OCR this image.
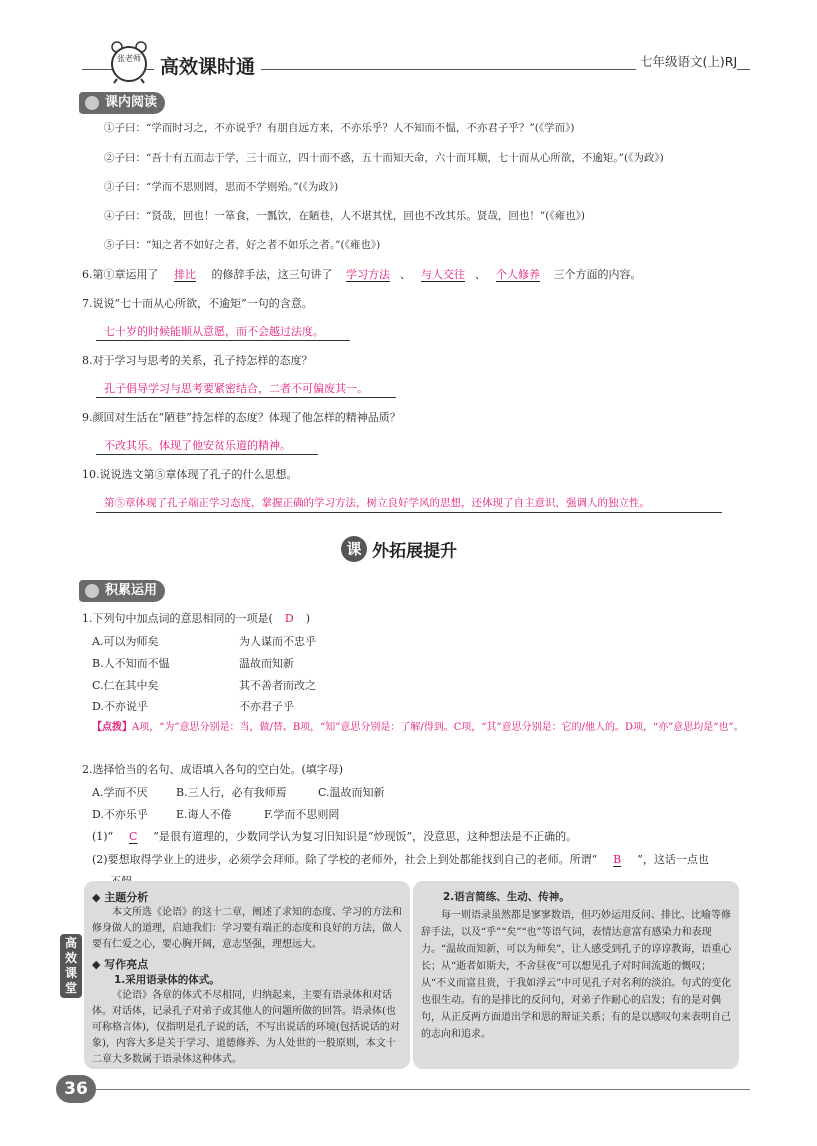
张老师	高效课时通	七年级语文(上)RJ
课内阅读
①子曰：“学而时习之，不亦说乎？有朋自远方来，不亦乐乎？人不知而不愠，不亦君子乎？”(《学而》)
②子曰：“吾十有五而志于学，三十而立，四十而不惑，五十而知天命，六十而耳顺，七十而从心所欲，不逾矩。”(《为政》)
③子曰：“学而不思则罔，思而不学则殆。”(《为政》)
④子曰：“贤哉，回也！一箪食，一瓢饮，在陋巷，人不堪其忧，回也不改其乐。贤哉，回也！”(《雍也》)
⑤子曰：“知之者不如好之者，好之者不如乐之者。”(《雍也》)
6.第①章运用了 排比 的修辞手法，这三句讲了 学习方法 、 与人交往 、 个人修养 三个方面的内容。
7.说说“七十而从心所欲，不逾矩”一句的含意。
七十岁的时候能顺从意愿，而不会越过法度。
8.对于学习与思考的关系，孔子持怎样的态度？
孔子倡导学习与思考要紧密结合，二者不可偏废其一。
9.颜回对生活在“陋巷”持怎样的态度？体现了他怎样的精神品质？
不改其乐。体现了他安贫乐道的精神。
10.说说选文第⑤章体现了孔子的什么思想。
第⑤章体现了孔子端正学习态度，掌握正确的学习方法，树立良好学风的思想，还体现了自主意识，强调人的独立性。
课 外拓展提升
积累运用
1.下列句中加点词的意思相同的一项是( D )
A.可以为师矣	为人谋而不忠乎
B.人不知而不愠	温故而知新
C.仁在其中矣	其不善者而改之
D.不亦说乎	不亦君子乎
【点拨】A项，“为”意思分别是：当，做/替。B项，“知”意思分别是：了解/得到。C项，“其”意思分别是：它的/他人的。D项，“亦”意思均是“也”。
2.选择恰当的名句、成语填入各句的空白处。(填字母)
A.学而不厌	B.三人行，必有我师焉	C.温故而知新
D.不亦乐乎	E.诲人不倦	F.学而不思则罔
(1)“ C ”是很有道理的，少数同学认为复习旧知识是“炒现饭”，没意思，这种想法是不正确的。
(2)要想取得学业上的进步，必须学会拜师。除了学校的老师外，社会上到处都能找到自己的老师。所谓“ B ”，这话一点也
高效课堂
◆ 主题分析
本文所选《论语》的这十二章，阐述了求知的态度、学习的方法和修身做人的道理，启迪我们：学习要有端正的态度和良好的方法，做人要有仁爱之心，要心胸开阔，意志坚强，理想远大。
◆ 写作亮点
1.采用语录体的体式。
《论语》各章的体式不尽相同，归纳起来，主要有语录体和对话体。对话体，记录孔子对弟子或其他人的问题所做的回答。语录体(也可称格言体)，仅指明是孔子说的话，不写出说话的环境(包括说话的对象)，内容大多是关于学习、道德修养、为人处世的一般原则，本文十二章大多数属于语录体这种体式。
2.语言简练、生动、传神。
每一则语录虽然都是寥寥数语，但巧妙运用反问、排比、比喻等修辞手法，以及“乎”“矣”“也”等语气词，表情达意富有感染力和表现力。“温故而知新，可以为师矣”，让人感受到孔子的谆谆教诲，语重心长；从“逝者如斯夫，不舍昼夜”可以想见孔子对时间流逝的慨叹；从“不义而富且贵，于我如浮云”中可见孔子对名利的淡泊。句式的变化也很生动。有的是排比的反问句，对弟子作耐心的启发；有的是对偶句，从正反两方面道出学和思的辩证关系；有的是以感叹句来表明自己的志向和追求。
36
